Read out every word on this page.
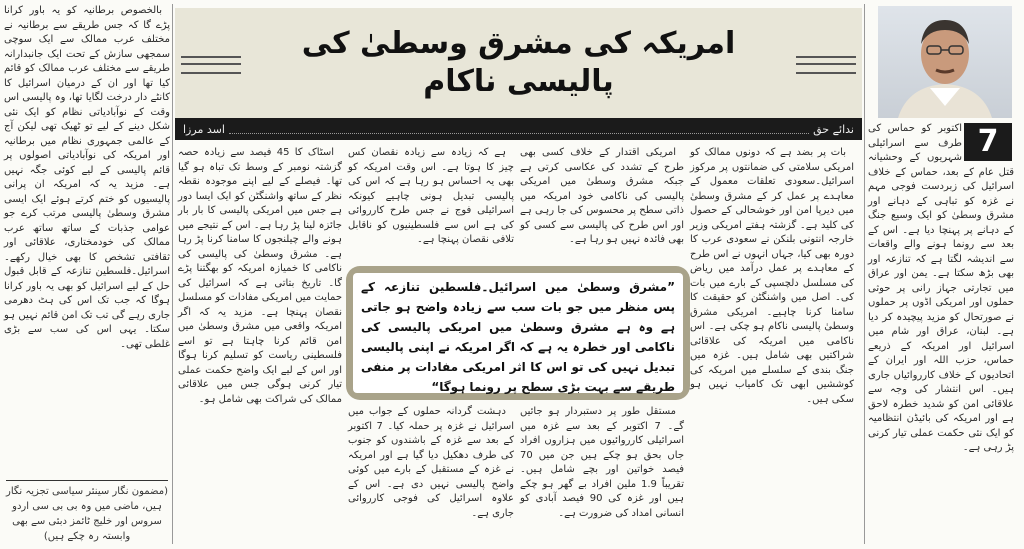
بالخصوص برطانیہ کو یہ باور کرانا پڑے گا کہ جس طریقے سے برطانیہ نے مختلف عرب ممالک سے ایک سوچی سمجھی سازش کے تحت ایک جانبدارانہ طریقے سے مختلف عرب ممالک کو قائم کیا تھا اور ان کے درمیان اسرائیل کا کانٹے دار درخت لگایا تھا، وہ پالیسی اس وقت کے نوآبادیاتی نظام کو ایک نئی شکل دینے کے لیے تو ٹھیک تھی لیکن آج کے عالمی جمہوری نظام میں برطانیہ اور امریکہ کی نوآبادیاتی اصولوں پر قائم پالیسی کے لیے کوئی جگہ نہیں ہے۔ مزید یہ کہ امریکہ ان پرانی پالیسیوں کو ختم کرتے ہوئے ایک ایسی مشرق وسطیٰ پالیسی مرتب کرے جو عوامی جذبات کے ساتھ ساتھ عرب ممالک کی خودمختاری، علاقائی اور ثقافتی تشخص کا بھی خیال رکھے۔ اسرائیل۔فلسطین تنازعہ کے قابل قبول حل کے لیے اسرائیل کو بھی یہ باور کرانا ہوگا کہ جب تک اس کی ہٹ دھرمی جاری رہے گی تب تک امن قائم نہیں ہو سکتا۔ یہی اس کی سب سے بڑی غلطی تھی۔

(مضمون نگار سینئر سیاسی تجزیہ نگار ہیں، ماضی میں وہ بی بی سی اردو سروس اور خلیج ٹائمز دبئی سے بھی وابستہ رہ چکے ہیں)
امریکہ کی مشرق وسطیٰ کی پالیسی ناکام
ندائے حق
اسد مرزا

بات پر بضد ہے کہ دونوں ممالک کو امریکی سلامتی کی ضمانتوں پر مرکوز اسرائیل۔سعودی تعلقات معمول کے معاہدے پر عمل کر کے مشرق وسطیٰ میں دیرپا امن اور خوشحالی کے حصول کی کلید ہے۔ گزشتہ ہفتے امریکی وزیر خارجہ انتونی بلنکن نے سعودی عرب کا دورہ بھی کیا، جہاں انہوں نے اس طرح کے معاہدے پر عمل درآمد میں ریاض کی مسلسل دلچسپی کے بارے میں بات کی۔ اصل میں واشنگٹن کو حقیقت کا سامنا کرنا چاہیے۔ امریکی مشرق وسطیٰ پالیسی ناکام ہو چکی ہے۔ اس ناکامی میں امریکہ کی علاقائی شراکتیں بھی شامل ہیں۔ غزہ میں جنگ بندی کے سلسلے میں امریکہ کی کوششیں ابھی تک کامیاب نہیں ہو سکی ہیں۔

امریکی اقتدار کے خلاف کسی بھی طرح کے تشدد کی عکاسی کرتی ہے جبکہ مشرق وسطیٰ میں امریکی پالیسی کی ناکامی خود امریکہ میں ذاتی سطح پر محسوس کی جا رہی ہے اور اس طرح کی پالیسی سے کسی کو بھی فائدہ نہیں ہو رہا ہے۔

مستقل طور پر دستبردار ہو جائیں گے۔ 7 اکتوبر کے بعد سے غزہ میں اسرائیلی کارروائیوں میں ہزاروں افراد جاں بحق ہو چکے ہیں جن میں 70 فیصد خواتین اور بچے شامل ہیں۔ تقریباً 1.9 ملین افراد بے گھر ہو چکے ہیں اور غزہ کی 90 فیصد آبادی کو انسانی امداد کی ضرورت ہے۔

ہے کہ زیادہ سے زیادہ نقصان کس چیز کا ہوتا ہے۔ اس وقت امریکہ کو بھی یہ احساس ہو رہا ہے کہ اس کی پالیسی تبدیل ہونی چاہیے کیونکہ اسرائیلی فوج نے جس طرح کارروائی کی ہے اس سے فلسطینیوں کو ناقابل تلافی نقصان پہنچا ہے۔

دہشت گردانہ حملوں کے جواب میں اسرائیل نے غزہ پر حملہ کیا۔ 7 اکتوبر کے بعد سے غزہ کے باشندوں کو جنوب کی طرف دھکیل دیا گیا ہے اور امریکہ نے غزہ کے مستقبل کے بارے میں کوئی واضح پالیسی نہیں دی ہے۔ اس کے علاوہ اسرائیل کی فوجی کارروائی جاری ہے۔

اسٹاک کا 45 فیصد سے زیادہ حصہ گزشتہ نومبر کے وسط تک تباہ ہو گیا تھا۔ فیصلے کے لیے اپنے موجودہ نقطہ نظر کے ساتھ واشنگٹن کو ایک ایسا دور ہے جس میں امریکی پالیسی کا بار بار جائزہ لینا پڑ رہا ہے۔ اس کے نتیجے میں ہونے والے چیلنجوں کا سامنا کرنا پڑ رہا ہے۔ مشرق وسطیٰ کی پالیسی کی ناکامی کا خمیازہ امریکہ کو بھگتنا پڑے گا۔ تاریخ بتاتی ہے کہ اسرائیل کی حمایت میں امریکی مفادات کو مسلسل نقصان پہنچا ہے۔ مزید یہ کہ اگر امریکہ واقعی میں مشرق وسطیٰ میں امن قائم کرنا چاہتا ہے تو اسے فلسطینی ریاست کو تسلیم کرنا ہوگا اور اس کے لیے ایک واضح حکمت عملی تیار کرنی ہوگی جس میں علاقائی ممالک کی شراکت بھی شامل ہو۔

”مشرق وسطیٰ میں اسرائیل۔فلسطین تنازعہ کے پس منظر میں جو بات سب سے زیادہ واضح ہو جاتی ہے وہ ہے مشرق وسطیٰ میں امریکی پالیسی کی ناکامی اور خطرہ یہ ہے کہ اگر امریکہ نے اپنی پالیسی تبدیل نہیں کی تو اس کا اثر امریکی مفادات پر منفی طریقے سے بہت بڑی سطح پر رونما ہوگا“
7

اکتوبر کو حماس کی طرف سے اسرائیلی شہریوں کے وحشیانہ قتل عام کے بعد، حماس کے خلاف اسرائیل کی زبردست فوجی مہم نے غزہ کو تباہی کے دہانے اور مشرق وسطیٰ کو ایک وسیع جنگ کے دہانے پر پہنچا دیا ہے۔ اس کے بعد سے رونما ہونے والے واقعات سے اندیشہ لگتا ہے کہ تنازعہ اور بھی بڑھ سکتا ہے۔ یمن اور عراق میں تجارتی جہاز رانی پر حوثی حملوں اور امریکی اڈوں پر حملوں نے صورتحال کو مزید پیچیدہ کر دیا ہے۔ لبنان، عراق اور شام میں اسرائیل اور امریکہ کے ذریعے حماس، حزب اللہ اور ایران کے اتحادیوں کے خلاف کارروائیاں جاری ہیں۔ اس انتشار کی وجہ سے علاقائی امن کو شدید خطرہ لاحق ہے اور امریکہ کی بائیڈن انتظامیہ کو ایک نئی حکمت عملی تیار کرنی پڑ رہی ہے۔
